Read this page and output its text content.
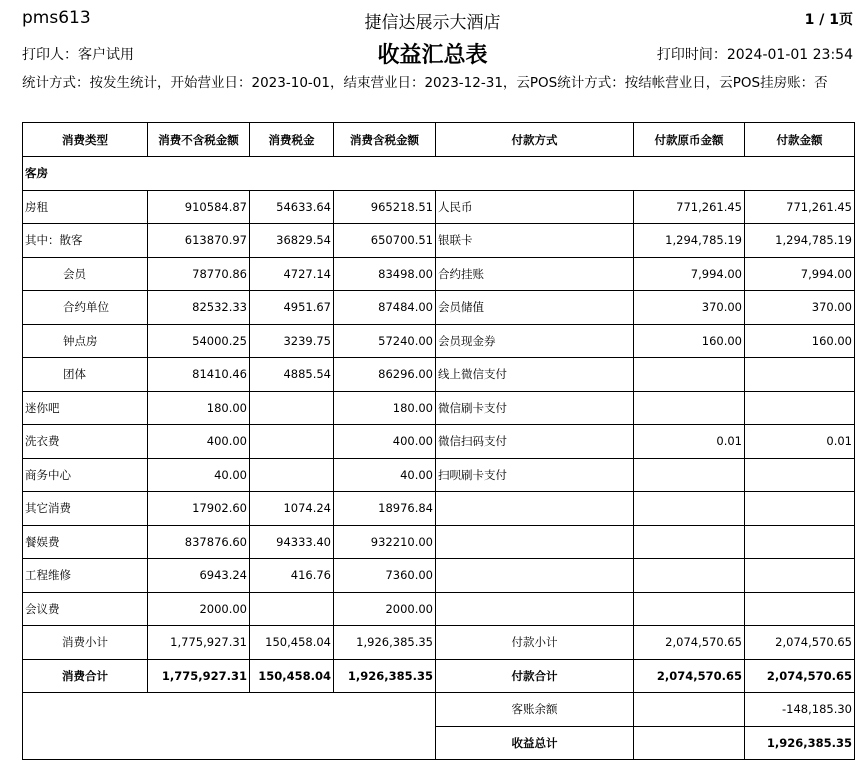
pms613	捷信达展示大酒店	1 / 1页
打印人：客户试用	收益汇总表	打印时间：2024-01-01 23:54
统计方式：按发生统计，开始营业日：2023-10-01，结束营业日：2023-12-31，云POS统计方式：按结帐营业日，云POS挂房账：否
消费类型	消费不含税金额	消费税金	消费含税金额	付款方式	付款原币金额	付款金额
客房						
房租	910584.87	54633.64	965218.51	人民币	771,261.45	771,261.45
其中：散客	613870.97	36829.54	650700.51	银联卡	1,294,785.19	1,294,785.19
会员	78770.86	4727.14	83498.00	合约挂账	7,994.00	7,994.00
合约单位	82532.33	4951.67	87484.00	会员储值	370.00	370.00
钟点房	54000.25	3239.75	57240.00	会员现金券	160.00	160.00
团体	81410.46	4885.54	86296.00	线上微信支付		
迷你吧	180.00		180.00	微信刷卡支付		
洗衣费	400.00		400.00	微信扫码支付	0.01	0.01
商务中心	40.00		40.00	扫呗刷卡支付		
其它消费	17902.60	1074.24	18976.84			
餐娱费	837876.60	94333.40	932210.00			
工程维修	6943.24	416.76	7360.00			
会议费	2000.00		2000.00			
消费小计	1,775,927.31	150,458.04	1,926,385.35	付款小计	2,074,570.65	2,074,570.65
消费合计	1,775,927.31	150,458.04	1,926,385.35	付款合计	2,074,570.65	2,074,570.65
				客账余额		-148,185.30
				收益总计		1,926,385.35
